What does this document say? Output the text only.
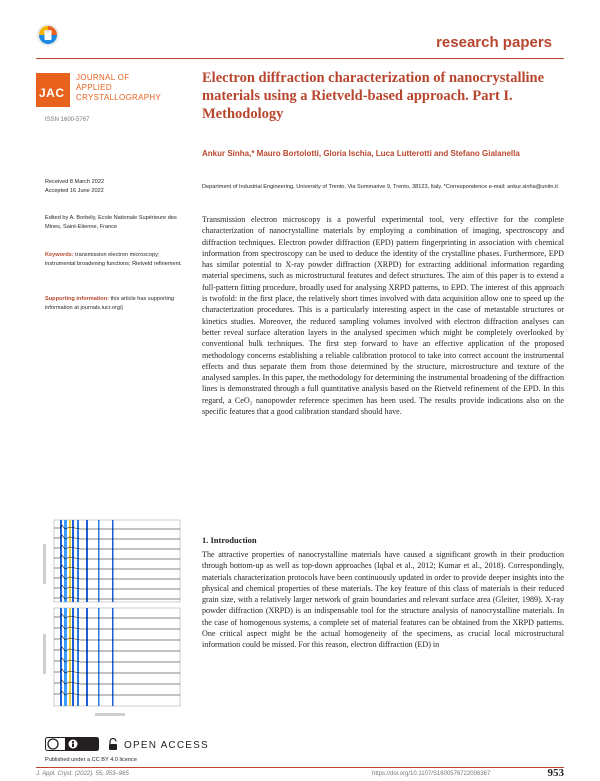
research papers
JAC
JOURNAL OF
APPLIED
CRYSTALLOGRAPHY
ISSN 1600-5767
Electron diffraction characterization of nanocrystalline materials using a Rietveld-based approach. Part I. Methodology
Ankur Sinha,* Mauro Bortolotti, Gloria Ischia, Luca Lutterotti and Stefano Gialanella
Department of Industrial Engineering, University of Trento, Via Sommarive 9, Trento, 38123, Italy. *Correspondence e-mail: ankur.sinha@unitn.it
Received 8 March 2022
Accepted 16 June 2022
Edited by A. Borbély, Ecole Nationale Supérieure des Mines, Saint-Etienne, France
Keywords: transmission electron microscopy; instrumental broadening functions; Rietveld refinement.
Supporting information: this article has supporting information at journals.iucr.org/j
Transmission electron microscopy is a powerful experimental tool, very effective for the complete characterization of nanocrystalline materials by employing a combination of imaging, spectroscopy and diffraction techniques. Electron powder diffraction (EPD) pattern fingerprinting in association with chemical information from spectroscopy can be used to deduce the identity of the crystalline phases. Furthermore, EPD has similar potential to X-ray powder diffraction (XRPD) for extracting additional information regarding material specimens, such as microstructural features and defect structures. The aim of this paper is to extend a full-pattern fitting procedure, broadly used for analysing XRPD patterns, to EPD. The interest of this approach is twofold: in the first place, the relatively short times involved with data acquisition allow one to speed up the characterization procedures. This is a particularly interesting aspect in the case of metastable structures or kinetics studies. Moreover, the reduced sampling volumes involved with electron diffraction analyses can better reveal surface alteration layers in the analysed specimen which might be completely overlooked by conventional bulk techniques. The first step forward to have an effective application of the proposed methodology concerns establishing a reliable calibration protocol to take into correct account the instrumental effects and thus separate them from those determined by the structure, microstructure and texture of the analysed samples. In this paper, the methodology for determining the instrumental broadening of the diffraction lines is demonstrated through a full quantitative analysis based on the Rietveld refinement of the EPD. In this regard, a CeO₂ nanopowder reference specimen has been used. The results provide indications also on the specific features that a good calibration standard should have.
OPEN ACCESS
Published under a CC BY 4.0 licence
1. Introduction
The attractive properties of nanocrystalline materials have caused a significant growth in their production through bottom-up as well as top-down approaches (Iqbal et al., 2012; Kumar et al., 2018). Correspondingly, materials characterization protocols have been continuously updated in order to provide deeper insights into the physical and chemical properties of these materials. The key feature of this class of materials is their reduced grain size, with a relatively larger network of grain boundaries and relevant surface area (Gleiter, 1989). X-ray powder diffraction (XRPD) is an indispensable tool for the structure analysis of nanocrystalline materials. In the case of homogenous systems, a complete set of material features can be obtained from the XRPD patterns. One critical aspect might be the actual homogeneity of the specimens, as crucial local microstructural information could be missed. For this reason, electron diffraction (ED) in
J. Appl. Cryst. (2022). 55, 953–965	https://doi.org/10.1107/S1600576722006367	953
